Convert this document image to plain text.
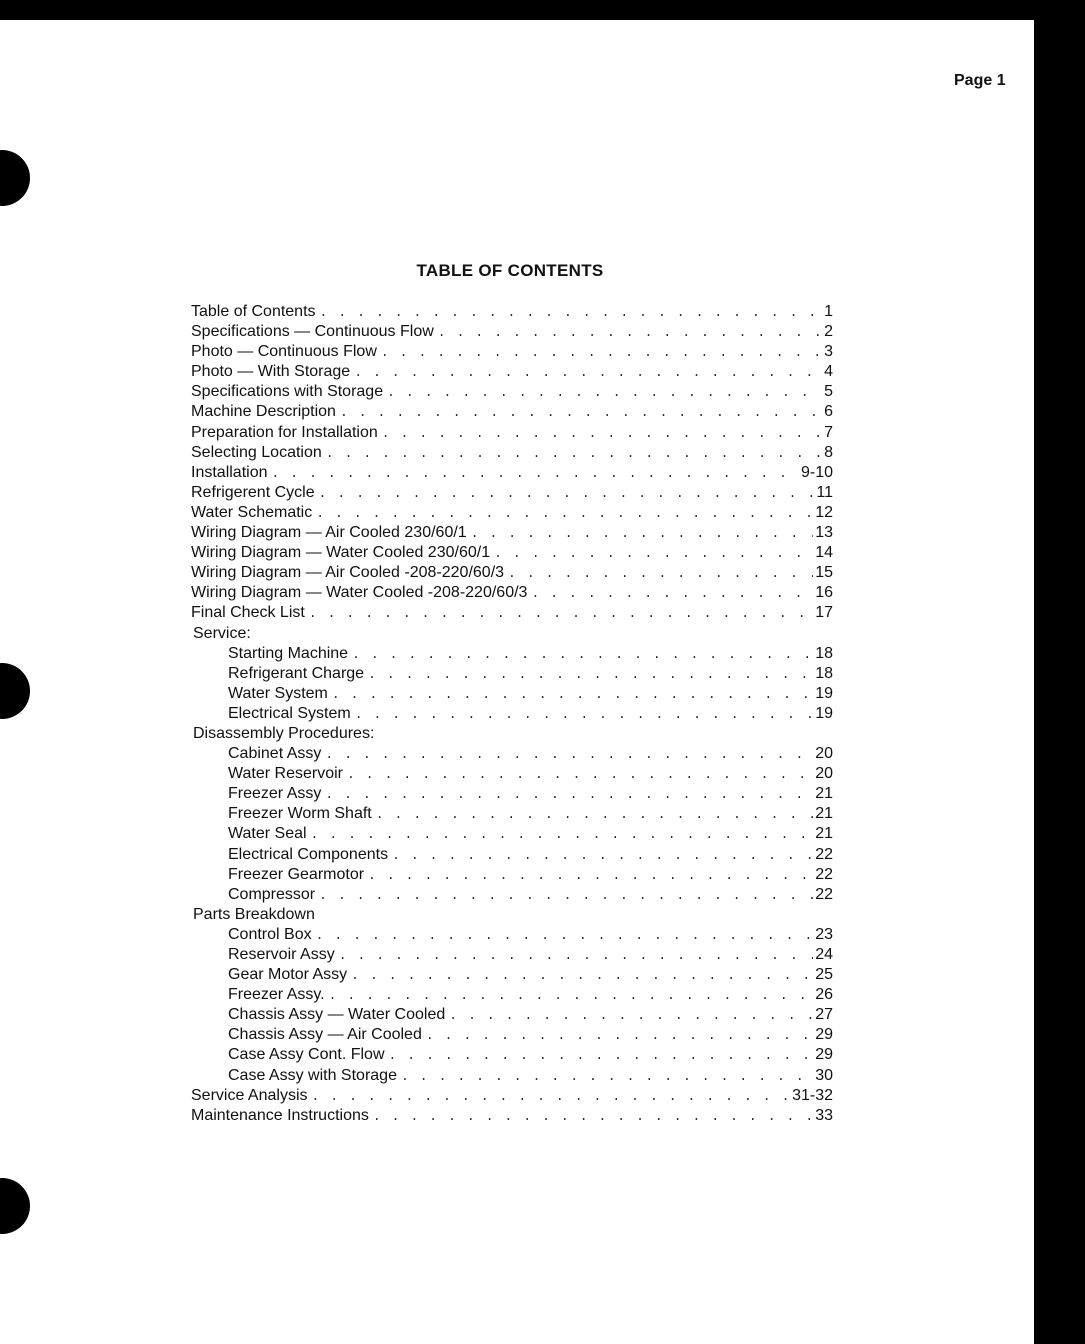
Page 1
TABLE OF CONTENTS
Table of Contents . . .	1
Specifications — Continuous Flow . . .	2
Photo — Continuous Flow . . .	3
Photo — With Storage . . .	4
Specifications with Storage . . .	5
Machine Description . . .	6
Preparation for Installation . . .	7
Selecting Location . . .	8
Installation . . .	9-10
Refrigerent Cycle . . .	11
Water Schematic . . .	12
Wiring Diagram — Air Cooled 230/60/1 . . .	13
Wiring Diagram — Water Cooled 230/60/1 . . .	14
Wiring Diagram — Air Cooled -208-220/60/3 . . .	15
Wiring Diagram — Water Cooled -208-220/60/3 . . .	16
Final Check List . . .	17
Service:
Starting Machine . . .	18
Refrigerant Charge . . .	18
Water System . . .	19
Electrical System . . .	19
Disassembly Procedures:
Cabinet Assy . . .	20
Water Reservoir . . .	20
Freezer Assy . . .	21
Freezer Worm Shaft . . .	21
Water Seal . . .	21
Electrical Components . . .	22
Freezer Gearmotor . . .	22
Compressor . . .	22
Parts Breakdown
Control Box . . .	23
Reservoir Assy . . .	24
Gear Motor Assy . . .	25
Freezer Assy. . . .	26
Chassis Assy — Water Cooled . . .	27
Chassis Assy — Air Cooled . . .	29
Case Assy Cont. Flow . . .	29
Case Assy with Storage . . .	30
Service Analysis . . .	31-32
Maintenance Instructions . . .	33
